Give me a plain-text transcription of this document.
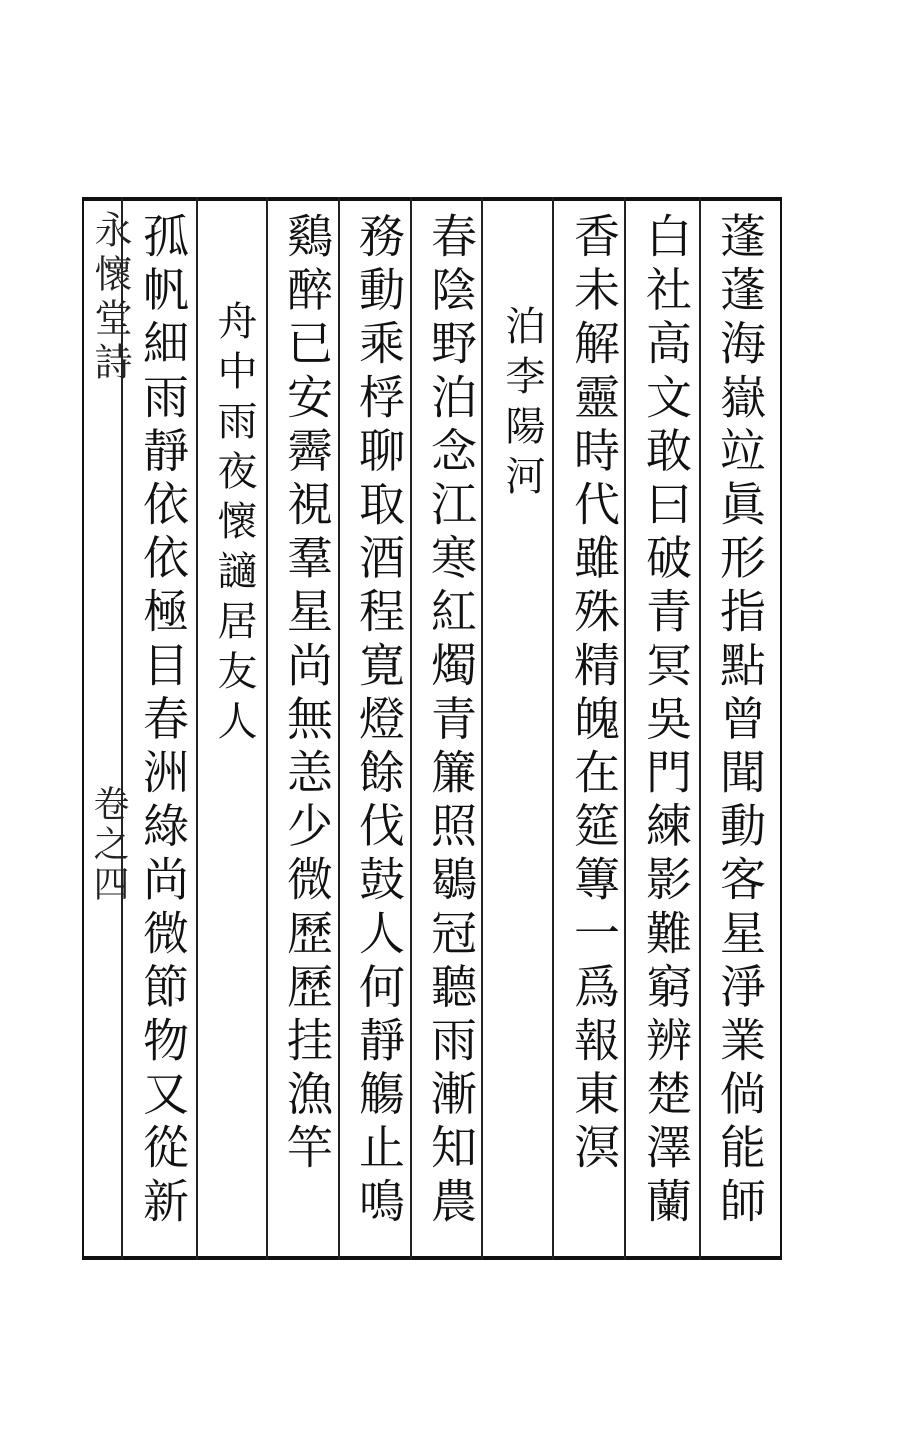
永懷堂詩
卷之四	蓬蓬海嶽竝眞形指點曾聞動客星淨業倘能師
白社高文敢曰破青冥吳門練影難窮辨楚澤蘭
香未解靈時代雖殊精魄在筵篿一爲報東溟
泊李陽河
春陰野泊念江寒紅燭青簾照鶡冠聽雨漸知農
務動乘桴聊取酒程寛燈餘伐鼓人何靜觴止鳴
鷄醉已安霽視羣星尚無恙少微歷歷挂漁竿
舟中雨夜懷讁居友人
孤帆細雨靜依依極目春洲綠尚微節物又從新
